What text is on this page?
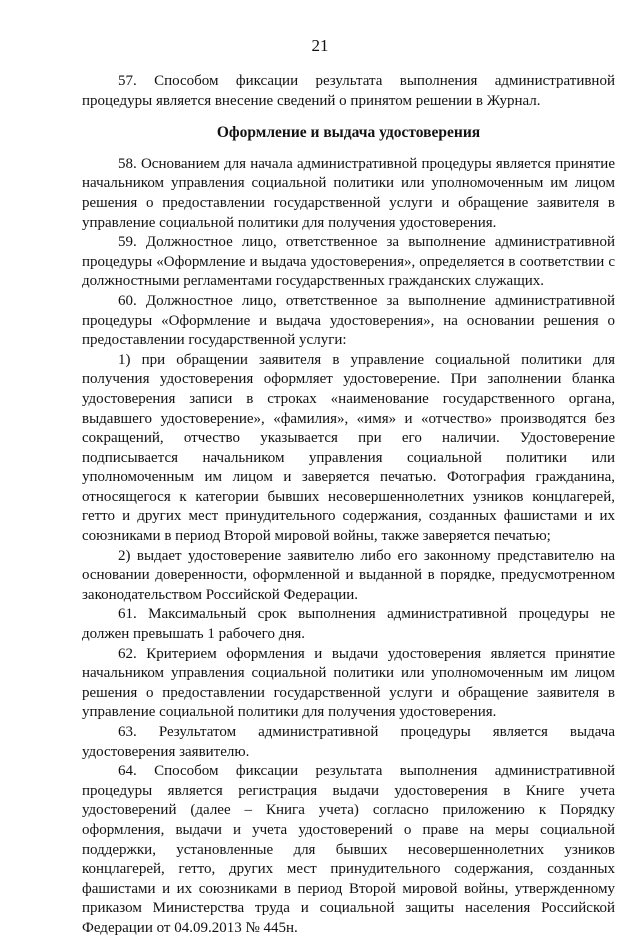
21

57. Способом фиксации результата выполнения административной процедуры является внесение сведений о принятом решении в Журнал.

Оформление и выдача удостоверения

58. Основанием для начала административной процедуры является принятие начальником управления социальной политики или уполномоченным им лицом решения о предоставлении государственной услуги и обращение заявителя в управление социальной политики для получения удостоверения.

59. Должностное лицо, ответственное за выполнение административной процедуры «Оформление и выдача удостоверения», определяется в соответствии с должностными регламентами государственных гражданских служащих.

60. Должностное лицо, ответственное за выполнение административной процедуры «Оформление и выдача удостоверения», на основании решения о предоставлении государственной услуги:

1) при обращении заявителя в управление социальной политики для получения удостоверения оформляет удостоверение. При заполнении бланка удостоверения записи в строках «наименование государственного органа, выдавшего удостоверение», «фамилия», «имя» и «отчество» производятся без сокращений, отчество указывается при его наличии. Удостоверение подписывается начальником управления социальной политики или уполномоченным им лицом и заверяется печатью. Фотография гражданина, относящегося к категории бывших несовершеннолетних узников концлагерей, гетто и других мест принудительного содержания, созданных фашистами и их союзниками в период Второй мировой войны, также заверяется печатью;

2) выдает удостоверение заявителю либо его законному представителю на основании доверенности, оформленной и выданной в порядке, предусмотренном законодательством Российской Федерации.

61. Максимальный срок выполнения административной процедуры не должен превышать 1 рабочего дня.

62. Критерием оформления и выдачи удостоверения является принятие начальником управления социальной политики или уполномоченным им лицом решения о предоставлении государственной услуги и обращение заявителя в управление социальной политики для получения удостоверения.

63. Результатом административной процедуры является выдача удостоверения заявителю.

64. Способом фиксации результата выполнения административной процедуры является регистрация выдачи удостоверения в Книге учета удостоверений (далее – Книга учета) согласно приложению к Порядку оформления, выдачи и учета удостоверений о праве на меры социальной поддержки, установленные для бывших несовершеннолетних узников концлагерей, гетто, других мест принудительного содержания, созданных фашистами и их союзниками в период Второй мировой войны, утвержденному приказом Министерства труда и социальной защиты населения Российской Федерации от 04.09.2013 № 445н.
